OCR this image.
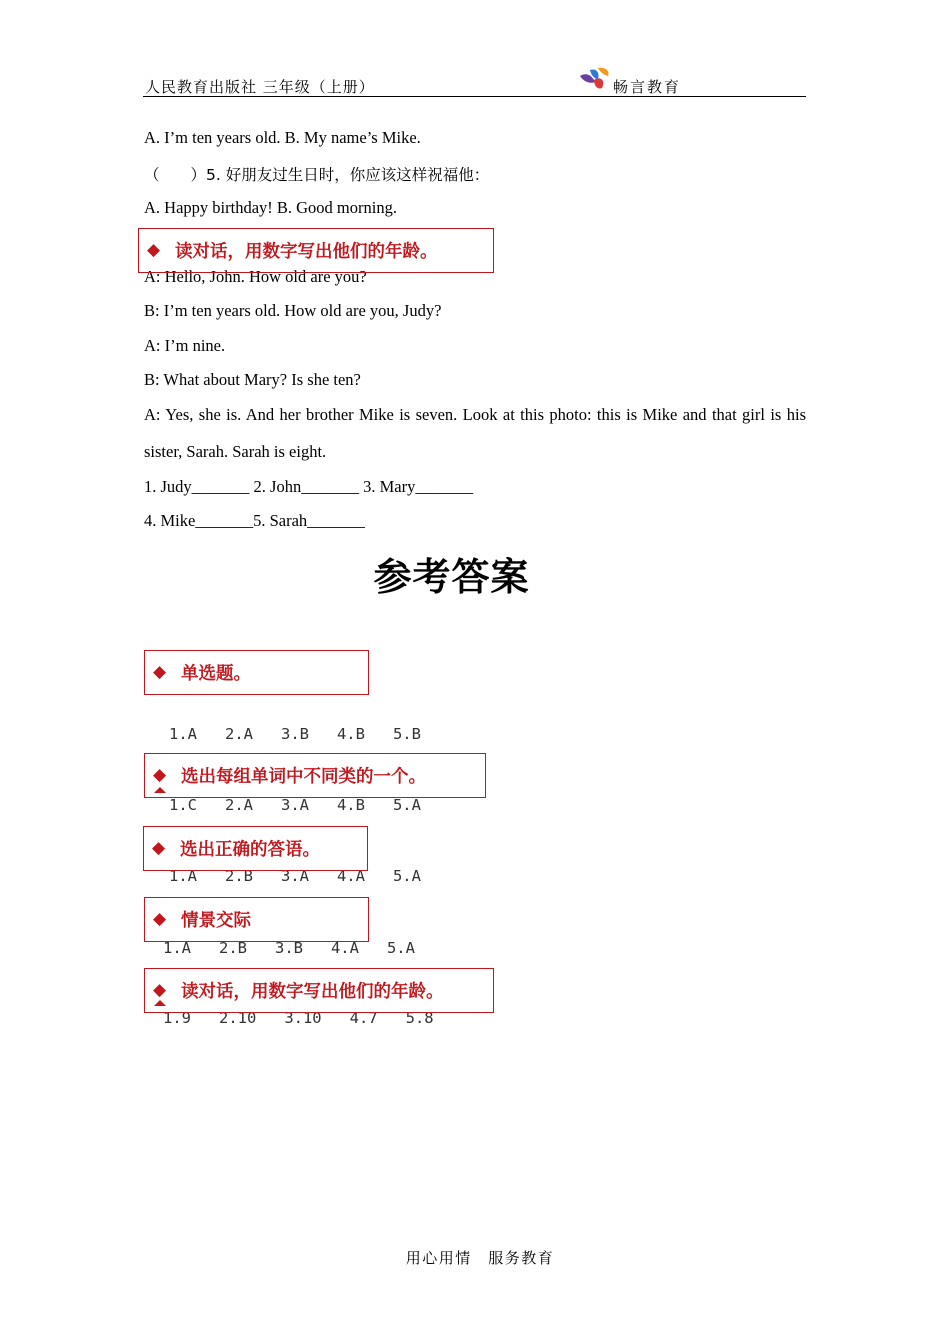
人民教育出版社 三年级（上册）	畅言教育
A. I’m ten years old. B. My name’s Mike.
（　　）5. 好朋友过生日时，你应该这样祝福他：
A. Happy birthday! B. Good morning.
A: Hello, John. How old are you?
◆ 读对话，用数字写出他们的年龄。
B: I’m ten years old. How old are you, Judy?
A: I’m nine.
B: What about Mary? Is she ten?
A: Yes, she is. And her brother Mike is seven. Look at this photo: this is Mike and that girl is his sister, Sarah. Sarah is eight.
1. Judy_______ 2. John_______ 3. Mary_______
4. Mike_______5. Sarah_______
参考答案
◆ 单选题。
1.A   2.A   3.B   4.B   5.B
1.C   2.A   3.A   4.B   5.A
◆ 选出每组单词中不同类的一个。
1.A   2.B   3.A   4.A   5.A
◆ 选出正确的答语。
1.A   2.B   3.B   4.A   5.A
◆ 情景交际
1.9   2.10   3.10   4.7   5.8
◆ 读对话，用数字写出他们的年龄。
用心用情　服务教育
